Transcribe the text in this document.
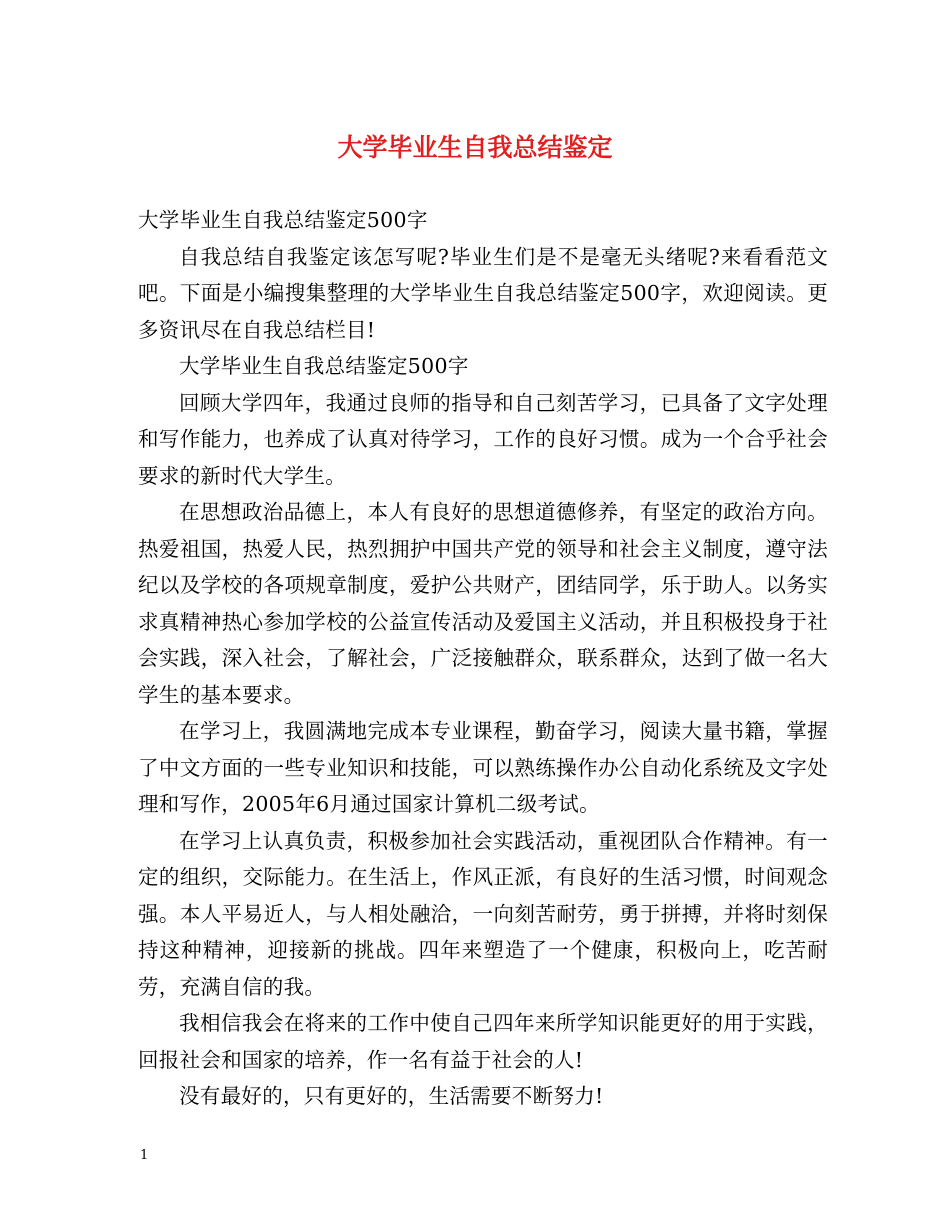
大学毕业生自我总结鉴定

大学毕业生自我总结鉴定500字

自我总结自我鉴定该怎写呢?毕业生们是不是毫无头绪呢?来看看范文吧。下面是小编搜集整理的大学毕业生自我总结鉴定500字，欢迎阅读。更多资讯尽在自我总结栏目!

大学毕业生自我总结鉴定500字

回顾大学四年，我通过良师的指导和自己刻苦学习，已具备了文字处理和写作能力，也养成了认真对待学习，工作的良好习惯。成为一个合乎社会要求的新时代大学生。

在思想政治品德上，本人有良好的思想道德修养，有坚定的政治方向。热爱祖国，热爱人民，热烈拥护中国共产党的领导和社会主义制度，遵守法纪以及学校的各项规章制度，爱护公共财产，团结同学，乐于助人。以务实求真精神热心参加学校的公益宣传活动及爱国主义活动，并且积极投身于社会实践，深入社会，了解社会，广泛接触群众，联系群众，达到了做一名大学生的基本要求。

在学习上，我圆满地完成本专业课程，勤奋学习，阅读大量书籍，掌握了中文方面的一些专业知识和技能，可以熟练操作办公自动化系统及文字处理和写作，2005年6月通过国家计算机二级考试。

在学习上认真负责，积极参加社会实践活动，重视团队合作精神。有一定的组织，交际能力。在生活上，作风正派，有良好的生活习惯，时间观念强。本人平易近人，与人相处融洽，一向刻苦耐劳，勇于拼搏，并将时刻保持这种精神，迎接新的挑战。四年来塑造了一个健康，积极向上，吃苦耐劳，充满自信的我。

我相信我会在将来的工作中使自己四年来所学知识能更好的用于实践，回报社会和国家的培养，作一名有益于社会的人!

没有最好的，只有更好的，生活需要不断努力!

1
